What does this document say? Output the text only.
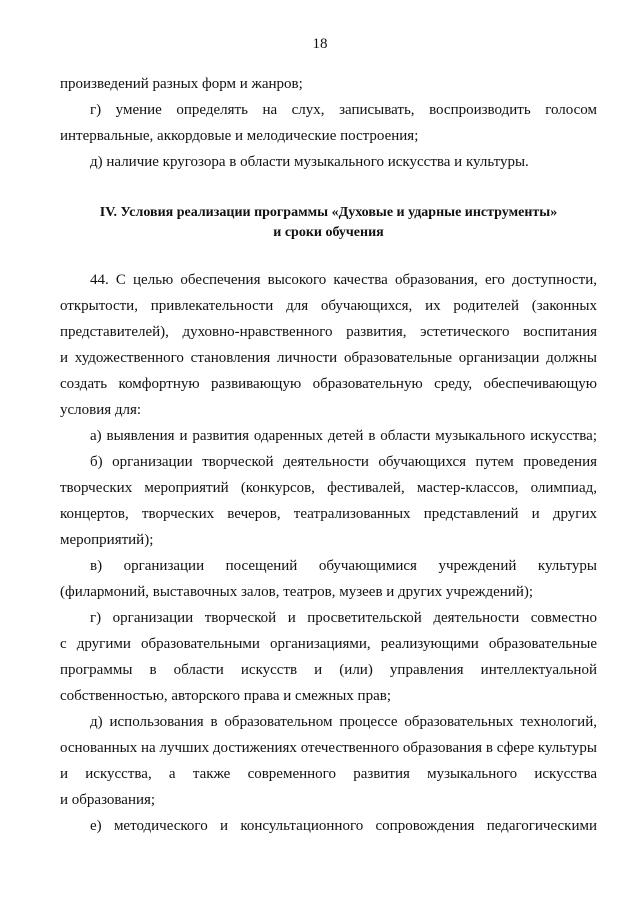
18

произведений разных форм и жанров;

г) умение определять на слух, записывать, воспроизводить голосом
интервальные, аккордовые и мелодические построения;

д) наличие кругозора в области музыкального искусства и культуры.

IV. Условия реализации программы «Духовые и ударные инструменты»
и сроки обучения

44. С целью обеспечения высокого качества образования, его доступности,
открытости, привлекательности для обучающихся, их родителей (законных
представителей), духовно-нравственного развития, эстетического воспитания
и художественного становления личности образовательные организации должны
создать комфортную развивающую образовательную среду, обеспечивающую
условия для:

а) выявления и развития одаренных детей в области музыкального искусства;

б) организации творческой деятельности обучающихся путем проведения
творческих мероприятий (конкурсов, фестивалей, мастер-классов, олимпиад,
концертов, творческих вечеров, театрализованных представлений и других
мероприятий);

в) организации посещений обучающимися учреждений культуры
(филармоний, выставочных залов, театров, музеев и других учреждений);

г) организации творческой и просветительской деятельности совместно
с другими образовательными организациями, реализующими образовательные
программы в области искусств и (или) управления интеллектуальной
собственностью, авторского права и смежных прав;

д) использования в образовательном процессе образовательных технологий,
основанных на лучших достижениях отечественного образования в сфере культуры
и искусства, а также современного развития музыкального искусства
и образования;

е) методического и консультационного сопровождения педагогическими
